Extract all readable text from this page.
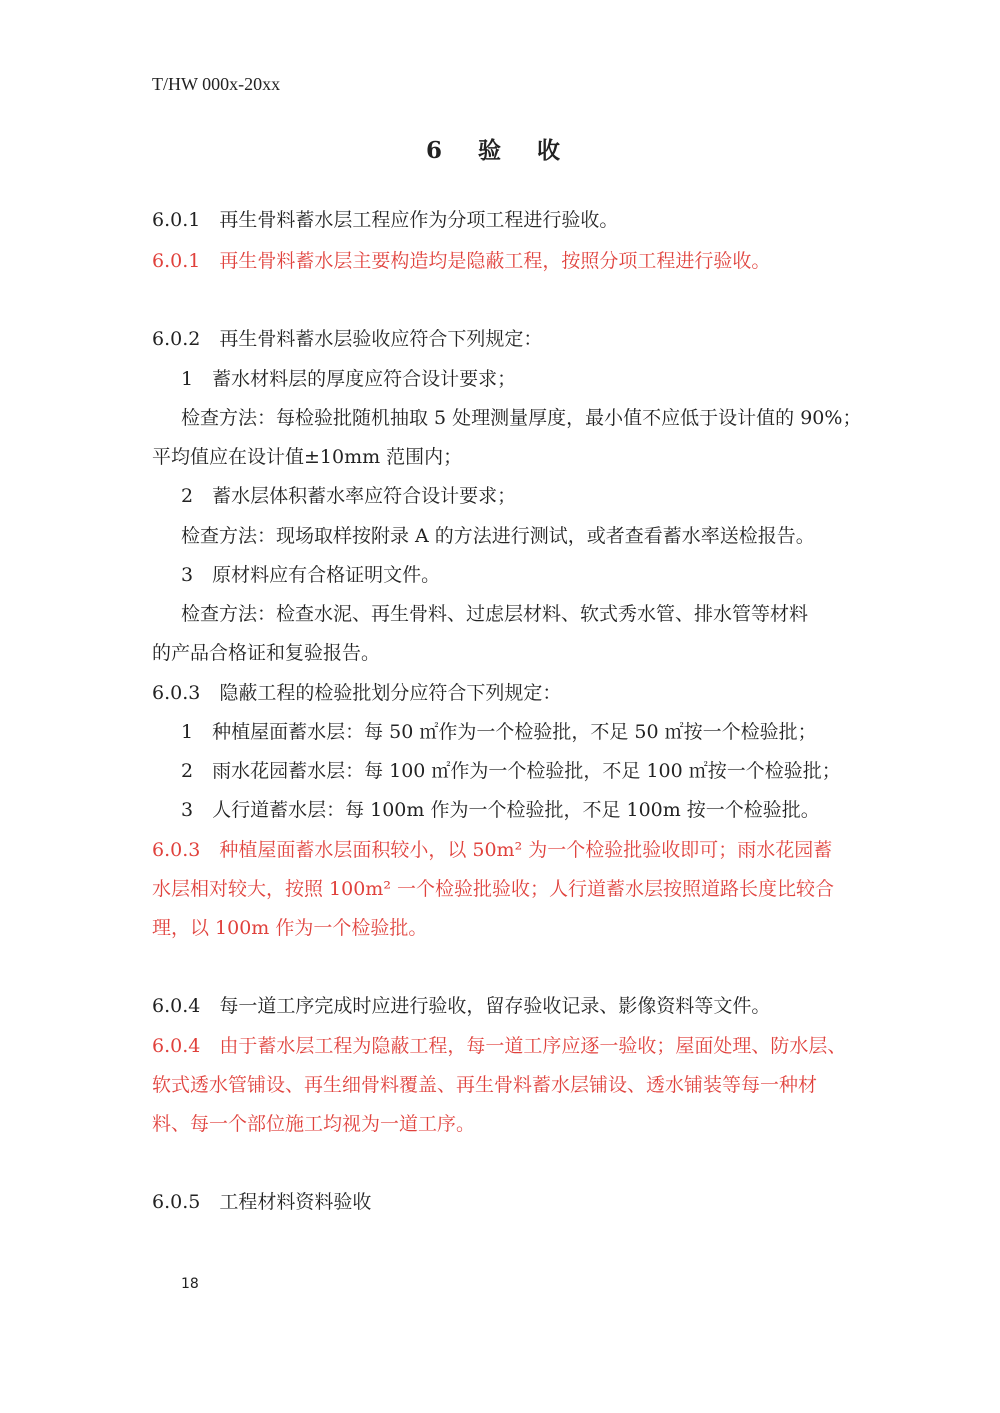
T/HW 000x-20xx
6 验 收
6.0.1　再生骨料蓄水层工程应作为分项工程进行验收。
6.0.1　再生骨料蓄水层主要构造均是隐蔽工程，按照分项工程进行验收。
6.0.2　再生骨料蓄水层验收应符合下列规定：
1　蓄水材料层的厚度应符合设计要求；
检查方法：每检验批随机抽取 5 处理测量厚度，最小值不应低于设计值的 90%；
平均值应在设计值±10mm 范围内；
2　蓄水层体积蓄水率应符合设计要求；
检查方法：现场取样按附录 A 的方法进行测试，或者查看蓄水率送检报告。
3　原材料应有合格证明文件。
检查方法：检查水泥、再生骨料、过虑层材料、软式秀水管、排水管等材料
的产品合格证和复验报告。
6.0.3　隐蔽工程的检验批划分应符合下列规定：
1　种植屋面蓄水层：每 50 ㎡作为一个检验批，不足 50 ㎡按一个检验批；
2　雨水花园蓄水层：每 100 ㎡作为一个检验批，不足 100 ㎡按一个检验批；
3　人行道蓄水层：每 100m 作为一个检验批，不足 100m 按一个检验批。
6.0.3　种植屋面蓄水层面积较小，以 50m² 为一个检验批验收即可；雨水花园蓄
水层相对较大，按照 100m² 一个检验批验收；人行道蓄水层按照道路长度比较合
理，以 100m 作为一个检验批。
6.0.4　每一道工序完成时应进行验收，留存验收记录、影像资料等文件。
6.0.4　由于蓄水层工程为隐蔽工程，每一道工序应逐一验收；屋面处理、防水层、
软式透水管铺设、再生细骨料覆盖、再生骨料蓄水层铺设、透水铺装等每一种材
料、每一个部位施工均视为一道工序。
6.0.5　工程材料资料验收
18
